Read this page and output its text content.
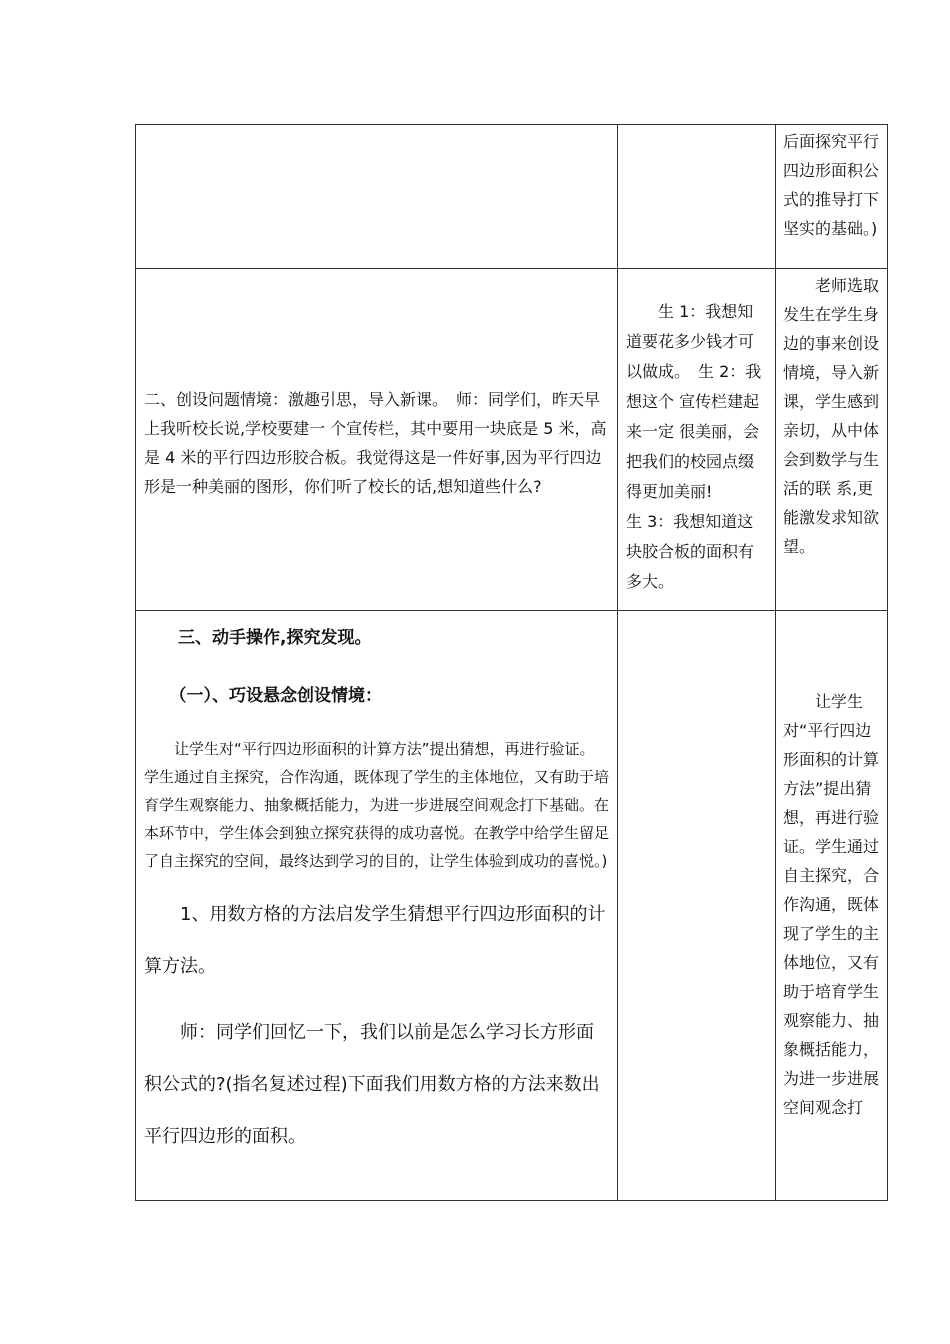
		后面探究平行四边形面积公式的推导打下坚实的基础。)

二、创设问题情境：激趣引思，导入新课。　师：同学们，昨天早上我听校长说,学校要建一 个宣传栏，其中要用一块底是 5 米，高是 4 米的平行四边形胶合板。我觉得这是一件好事,因为平行四边形是一种美丽的图形，你们听了校长的话,想知道些什么?	生 1：我想知道要花多少钱才可以做成。　生 2：我想这个 宣传栏建起来一定 很美丽，会把我们的校园点缀得更加美丽!
生 3：我想知道这块胶合板的面积有多大。	老师选取发生在学生身边的事来创设情境，导入新课，学生感到亲切，从中体会到数学与生活的联 系,更能激发求知欲望。

三、动手操作,探究发现。
（一）、巧设悬念创设情境：
让学生对“平行四边形面积的计算方法”提出猜想，再进行验证。学生通过自主探究，合作沟通，既体现了学生的主体地位，又有助于培育学生观察能力、抽象概括能力，为进一步进展空间观念打下基础。在本环节中，学生体会到独立探究获得的成功喜悦。在教学中给学生留足了自主探究的空间，最终达到学习的目的，让学生体验到成功的喜悦。)
1、用数方格的方法启发学生猜想平行四边形面积的计算方法。
师：同学们回忆一下，我们以前是怎么学习长方形面积公式的?(指名复述过程)下面我们用数方格的方法来数出平行四边形的面积。		让学生对“平行四边形面积的计算方法”提出猜想，再进行验证。学生通过自主探究，合作沟通，既体现了学生的主体地位，又有助于培育学生观察能力、抽象概括能力，为进一步进展空间观念打
